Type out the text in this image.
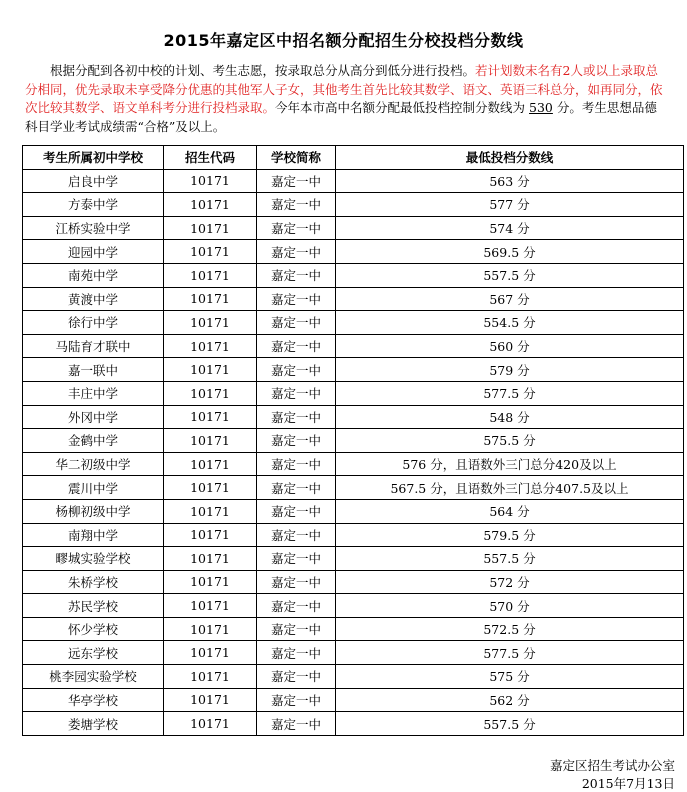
2015年嘉定区中招名额分配招生分校投档分数线
根据分配到各初中校的计划、考生志愿，按录取总分从高分到低分进行投档。若计划数末名有2人或以上录取总分相同，优先录取未享受降分优惠的其他军人子女，其他考生首先比较其数学、语文、英语三科总分，如再同分，依次比较其数学、语文单科考分进行投档录取。今年本市高中名额分配最低投档控制分数线为 530 分。考生思想品德科目学业考试成绩需“合格”及以上。
考生所属初中学校	招生代码	学校简称	最低投档分数线
启良中学	10171	嘉定一中	563 分
方泰中学	10171	嘉定一中	577 分
江桥实验中学	10171	嘉定一中	574 分
迎园中学	10171	嘉定一中	569.5 分
南苑中学	10171	嘉定一中	557.5 分
黄渡中学	10171	嘉定一中	567 分
徐行中学	10171	嘉定一中	554.5 分
马陆育才联中	10171	嘉定一中	560 分
嘉一联中	10171	嘉定一中	579 分
丰庄中学	10171	嘉定一中	577.5 分
外冈中学	10171	嘉定一中	548 分
金鹤中学	10171	嘉定一中	575.5 分
华二初级中学	10171	嘉定一中	576 分，且语数外三门总分420及以上
震川中学	10171	嘉定一中	567.5 分，且语数外三门总分407.5及以上
杨柳初级中学	10171	嘉定一中	564 分
南翔中学	10171	嘉定一中	579.5 分
疁城实验学校	10171	嘉定一中	557.5 分
朱桥学校	10171	嘉定一中	572 分
苏民学校	10171	嘉定一中	570 分
怀少学校	10171	嘉定一中	572.5 分
远东学校	10171	嘉定一中	577.5 分
桃李园实验学校	10171	嘉定一中	575 分
华亭学校	10171	嘉定一中	562 分
娄塘学校	10171	嘉定一中	557.5 分
嘉定区招生考试办公室
2015年7月13日
